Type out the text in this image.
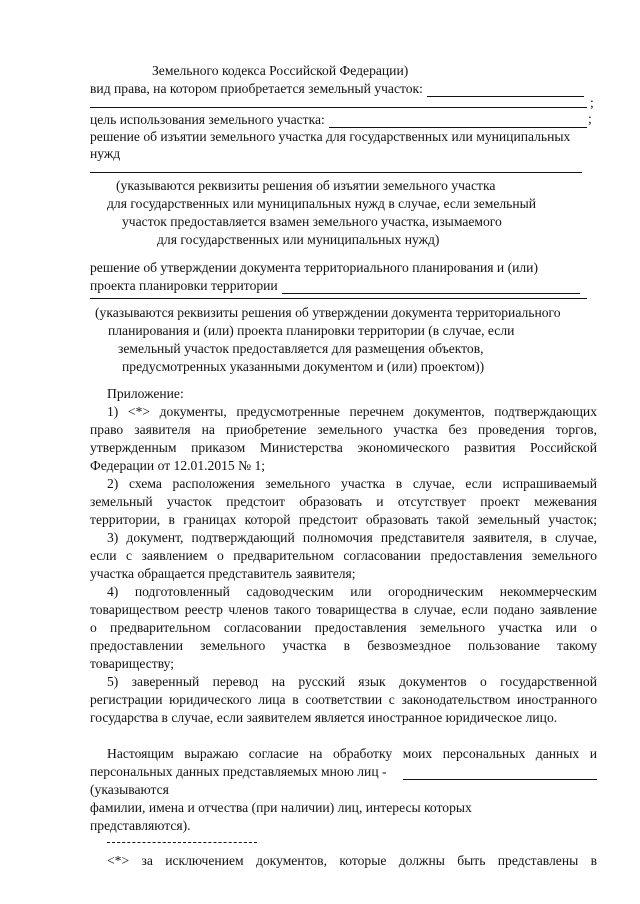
Земельного кодекса Российской Федерации)
вид права, на котором приобретается земельный участок:
;
цель использования земельного участка:	;
решение об изъятии земельного участка для государственных или муниципальных
нужд
(указываются реквизиты решения об изъятии земельного участка
для государственных или муниципальных нужд в случае, если земельный
участок предоставляется взамен земельного участка, изымаемого
для государственных или муниципальных нужд)
решение об утверждении документа территориального планирования и (или)
проекта планировки территории
(указываются реквизиты решения об утверждении документа территориального
планирования и (или) проекта планировки территории (в случае, если
земельный участок предоставляется для размещения объектов,
предусмотренных указанными документом и (или) проектом))
Приложение:
1) <*> документы, предусмотренные перечнем документов, подтверждающих
право заявителя на приобретение земельного участка без проведения торгов,
утвержденным приказом Министерства экономического развития Российской
Федерации от 12.01.2015 № 1;
2) схема расположения земельного участка в случае, если испрашиваемый
земельный участок предстоит образовать и отсутствует проект межевания
территории, в границах которой предстоит образовать такой земельный участок;
3) документ, подтверждающий полномочия представителя заявителя, в случае,
если с заявлением о предварительном согласовании предоставления земельного
участка обращается представитель заявителя;
4) подготовленный садоводческим или огородническим некоммерческим
товариществом реестр членов такого товарищества в случае, если подано заявление
о предварительном согласовании предоставления земельного участка или о
предоставлении земельного участка в безвозмездное пользование такому
товариществу;
5) заверенный перевод на русский язык документов о государственной
регистрации юридического лица в соответствии с законодательством иностранного
государства в случае, если заявителем является иностранное юридическое лицо.
Настоящим выражаю согласие на обработку моих персональных данных и
персональных данных представляемых мною лиц -
(указываются
фамилии, имена и отчества (при наличии) лиц, интересы которых
представляются).
<*> за исключением документов, которые должны быть представлены в
